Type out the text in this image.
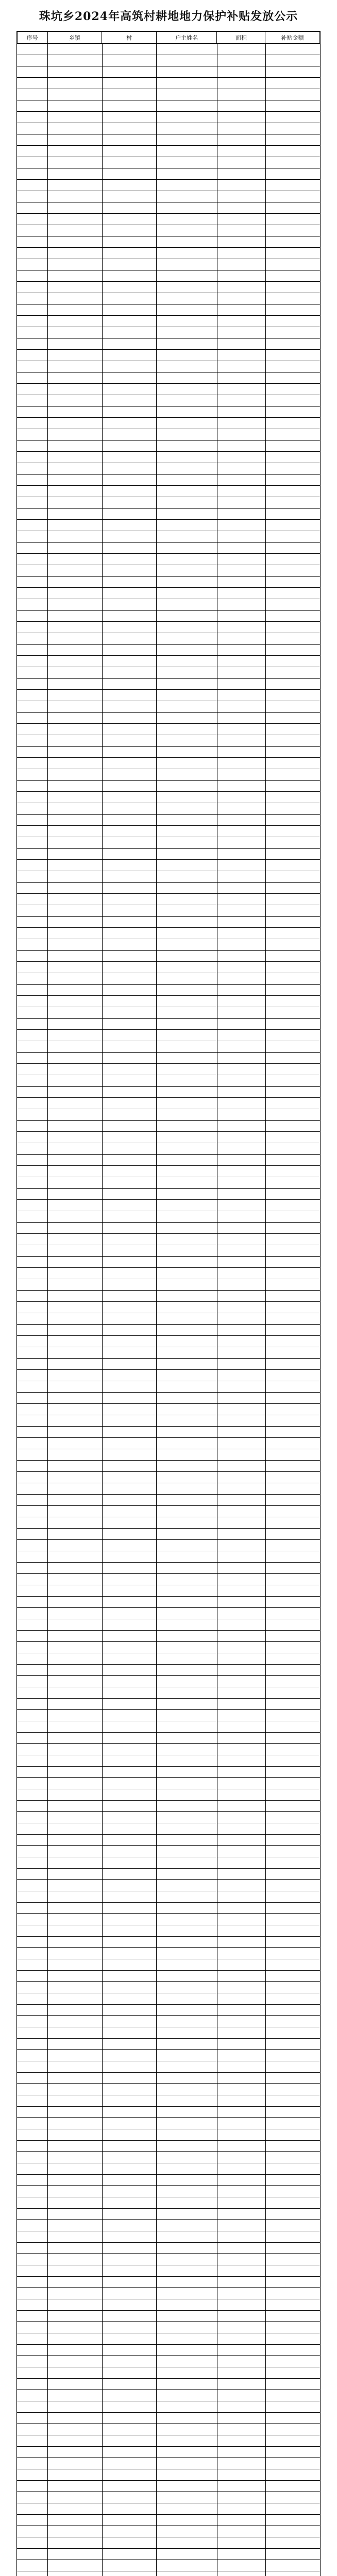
珠坑乡2024年高筑村耕地地力保护补贴发放公示
序号	乡镇	村	户主姓名	面积	补贴金额
